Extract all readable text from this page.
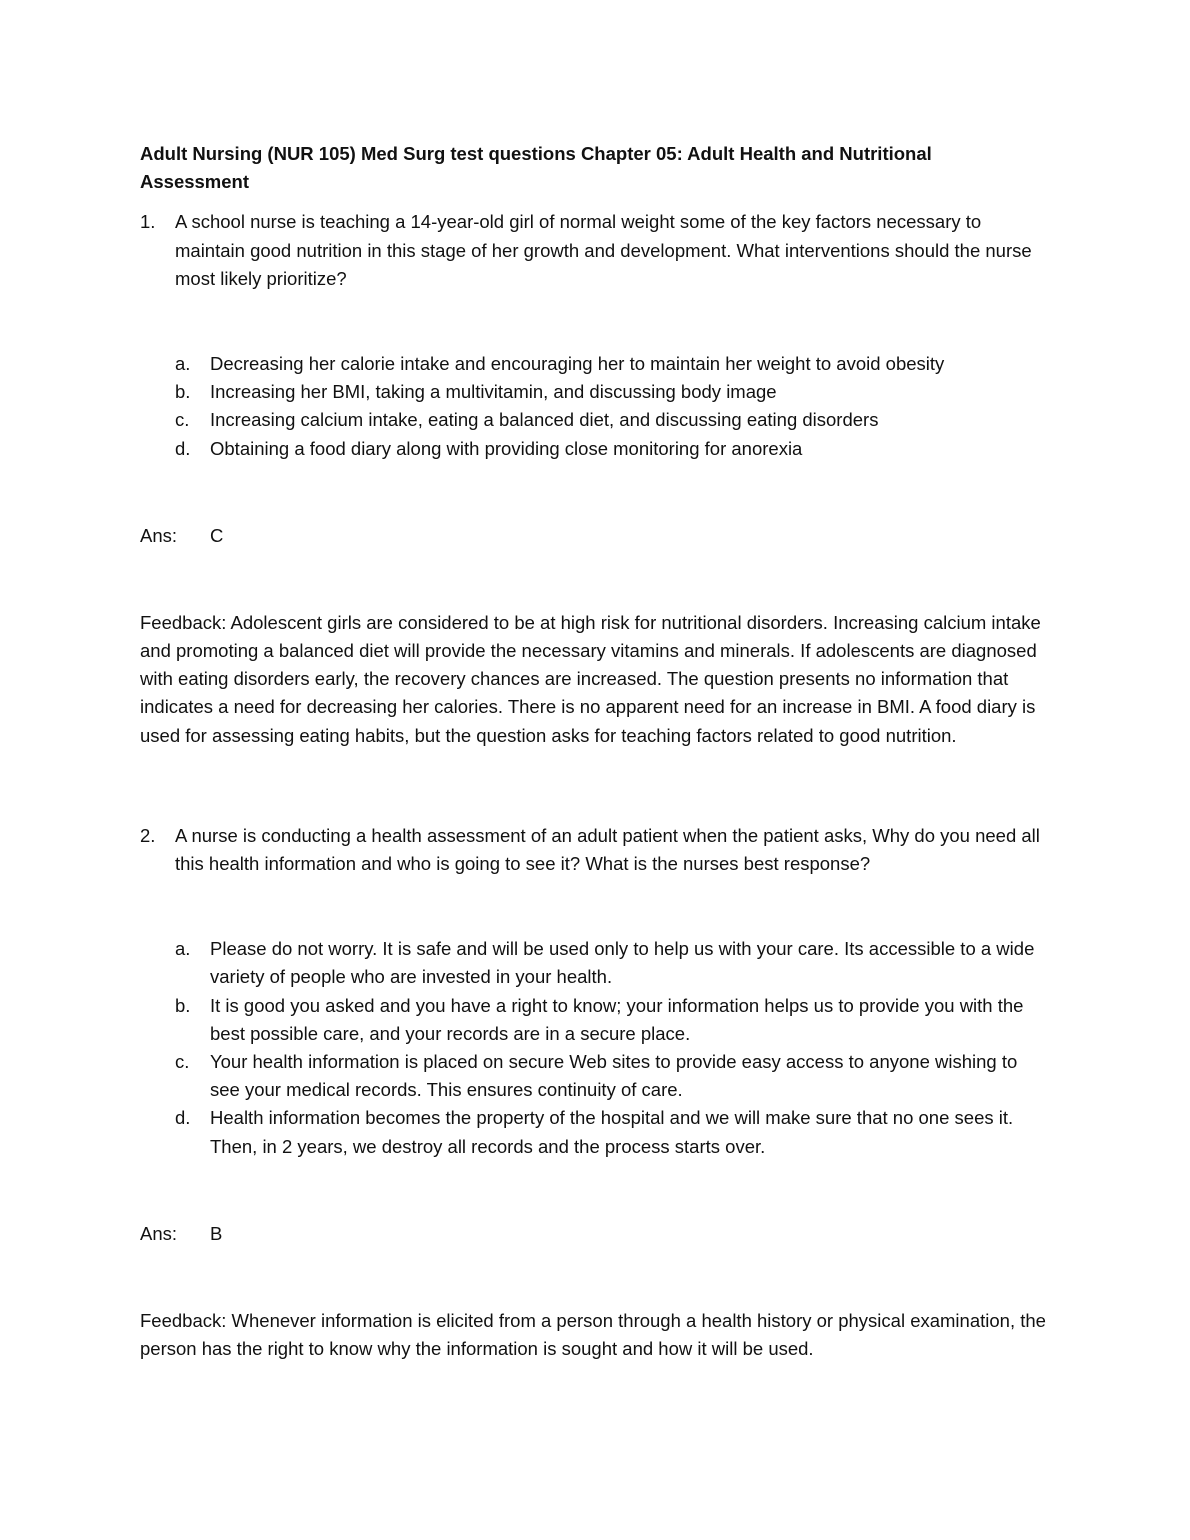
Adult Nursing (NUR 105) Med Surg test questions Chapter 05: Adult Health and Nutritional Assessment
1. A school nurse is teaching a 14-year-old girl of normal weight some of the key factors necessary to maintain good nutrition in this stage of her growth and development. What interventions should the nurse most likely prioritize?
a. Decreasing her calorie intake and encouraging her to maintain her weight to avoid obesity
b. Increasing her BMI, taking a multivitamin, and discussing body image
c. Increasing calcium intake, eating a balanced diet, and discussing eating disorders
d. Obtaining a food diary along with providing close monitoring for anorexia
Ans: C
Feedback: Adolescent girls are considered to be at high risk for nutritional disorders. Increasing calcium intake and promoting a balanced diet will provide the necessary vitamins and minerals. If adolescents are diagnosed with eating disorders early, the recovery chances are increased. The question presents no information that indicates a need for decreasing her calories. There is no apparent need for an increase in BMI. A food diary is used for assessing eating habits, but the question asks for teaching factors related to good nutrition.
2. A nurse is conducting a health assessment of an adult patient when the patient asks, Why do you need all this health information and who is going to see it? What is the nurses best response?
a. Please do not worry. It is safe and will be used only to help us with your care. Its accessible to a wide variety of people who are invested in your health.
b. It is good you asked and you have a right to know; your information helps us to provide you with the best possible care, and your records are in a secure place.
c. Your health information is placed on secure Web sites to provide easy access to anyone wishing to see your medical records. This ensures continuity of care.
d. Health information becomes the property of the hospital and we will make sure that no one sees it. Then, in 2 years, we destroy all records and the process starts over.
Ans: B
Feedback: Whenever information is elicited from a person through a health history or physical examination, the person has the right to know why the information is sought and how it will be used.
